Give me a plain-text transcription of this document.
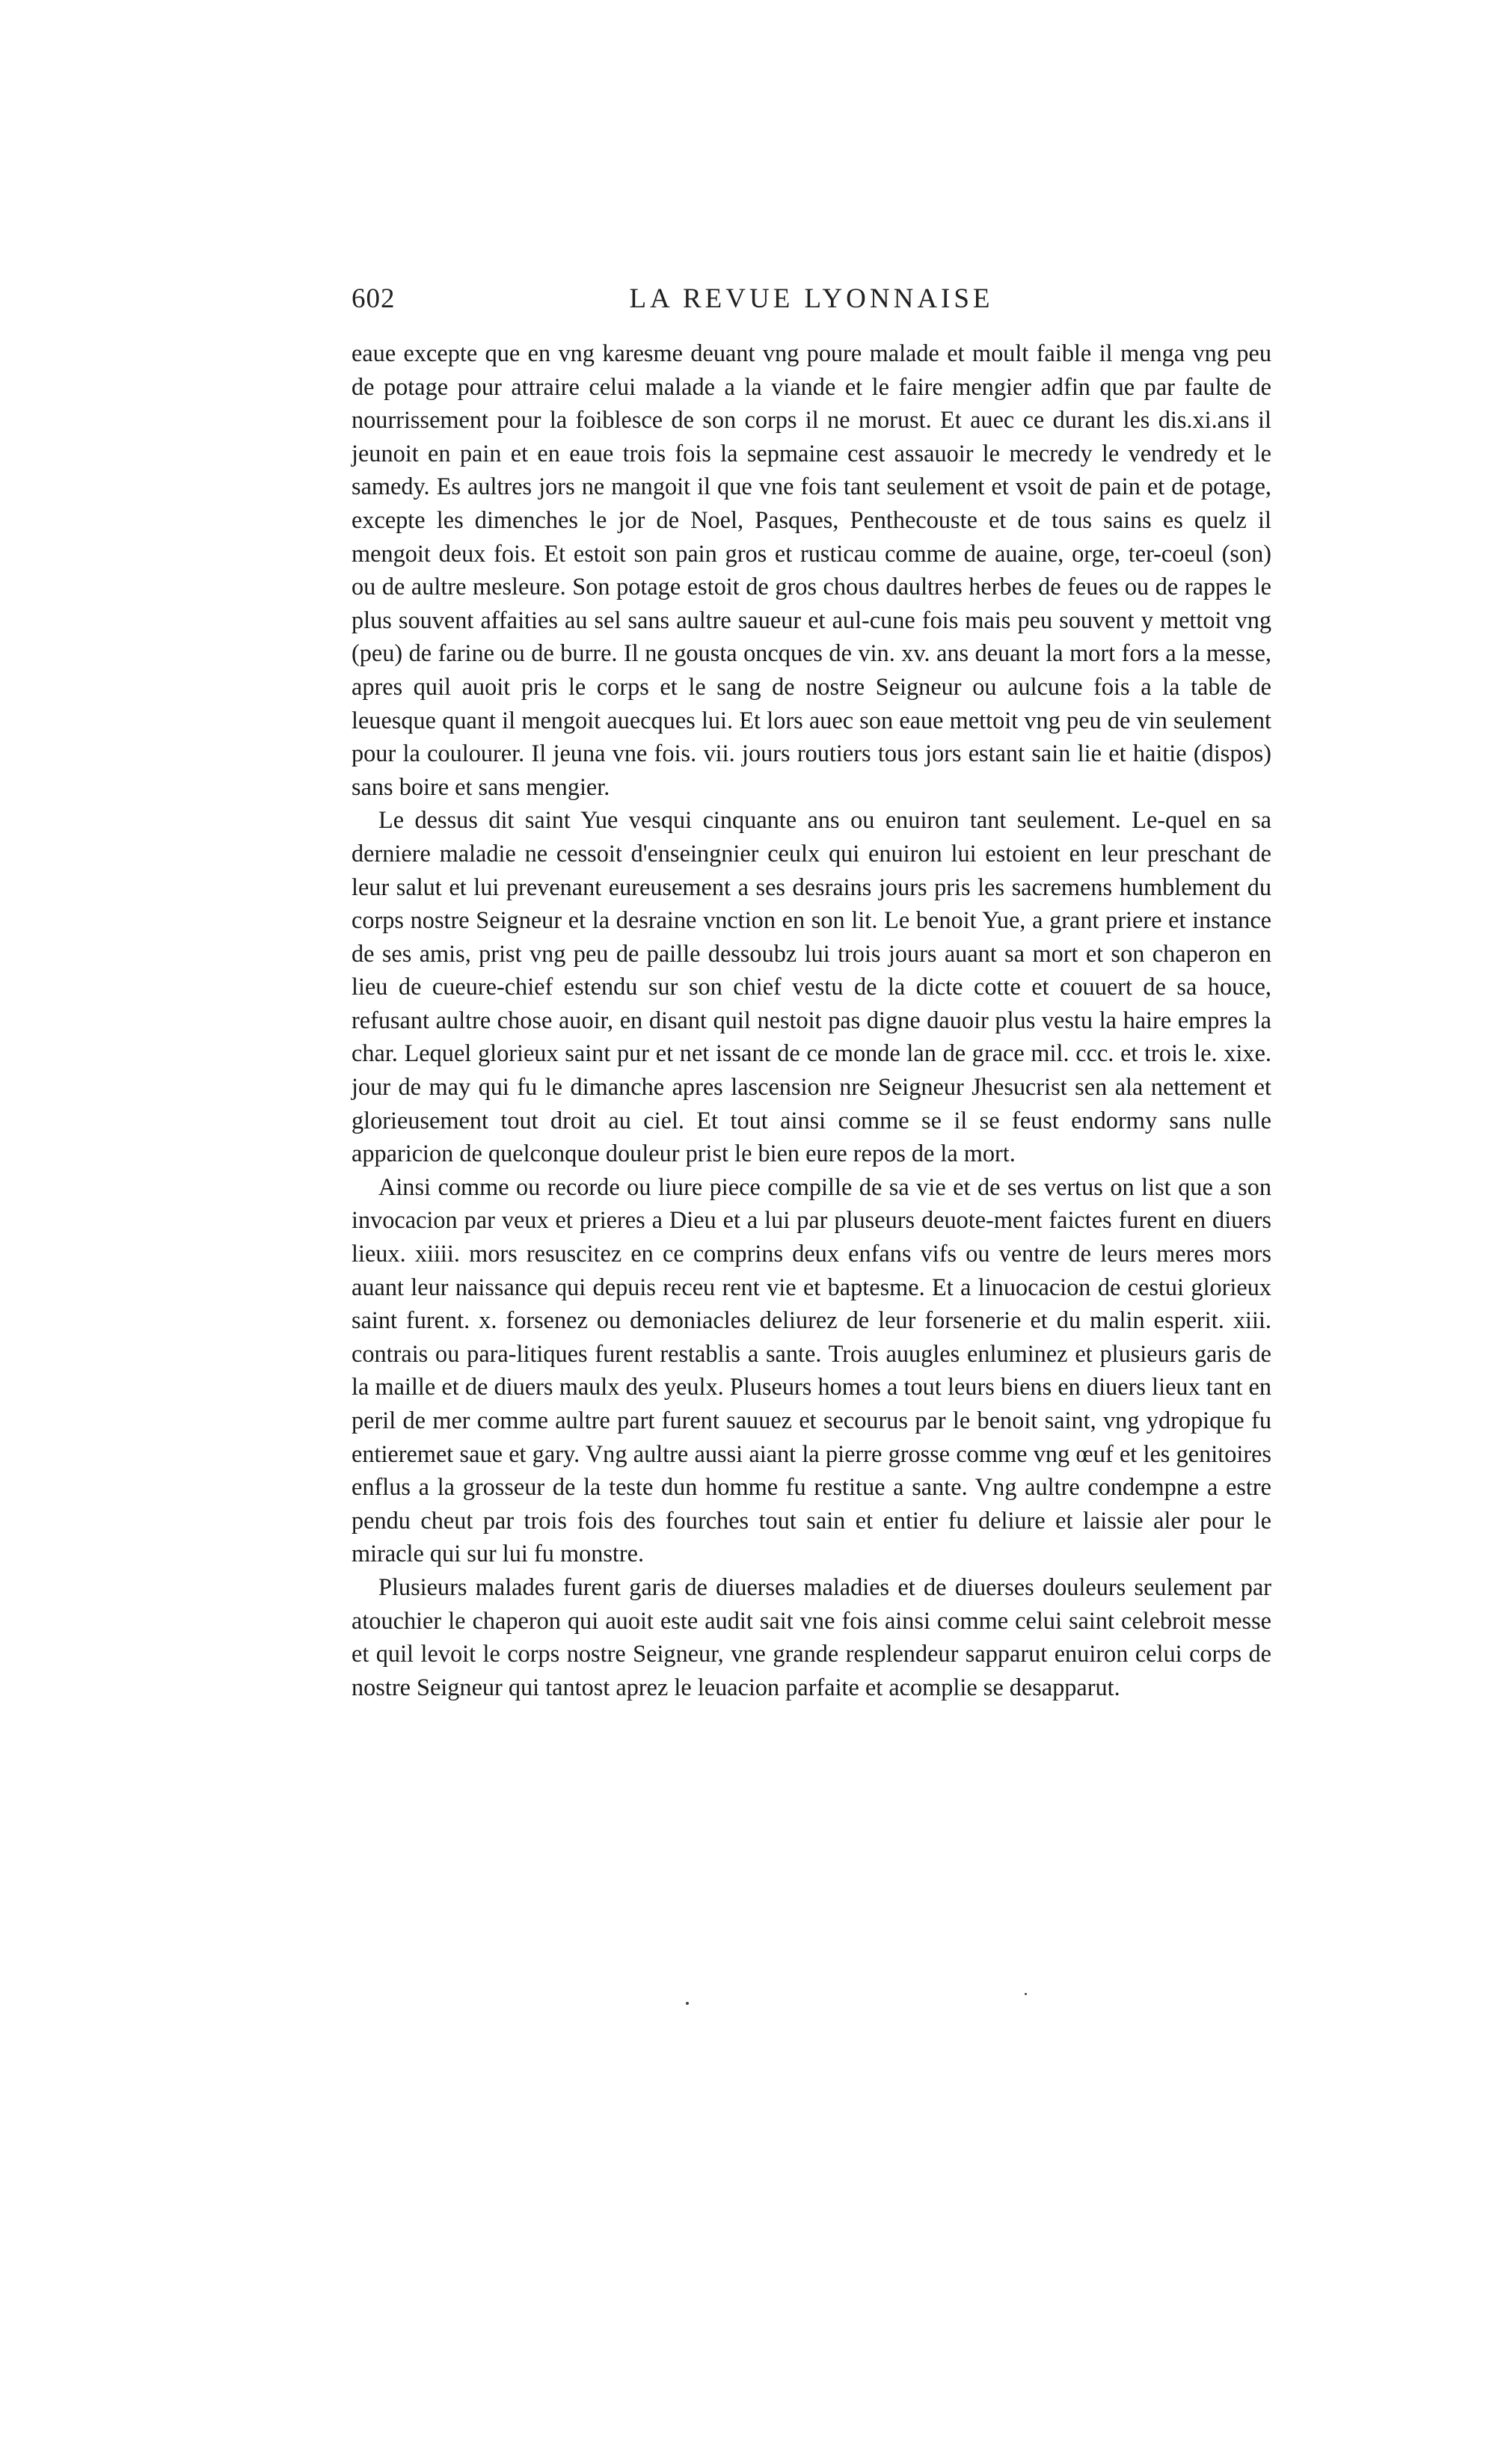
602	LA REVUE LYONNAISE

eaue excepte que en vng karesme deuant vng poure malade et moult faible il menga vng peu de potage pour attraire celui malade a la viande et le faire mengier adfin que par faulte de nourrissement pour la foiblesce de son corps il ne morust. Et auec ce durant les dis.xi.ans il jeunoit en pain et en eaue trois fois la sepmaine cest assauoir le mecredy le vendredy et le samedy. Es aultres jors ne mangoit il que vne fois tant seulement et vsoit de pain et de potage, excepte les dimenches le jor de Noel, Pasques, Penthecouste et de tous sains es quelz il mengoit deux fois. Et estoit son pain gros et rusticau comme de auaine, orge, ter-coeul (son) ou de aultre mesleure. Son potage estoit de gros chous daultres herbes de feues ou de rappes le plus souvent affaities au sel sans aultre saueur et aul-cune fois mais peu souvent y mettoit vng (peu) de farine ou de burre. Il ne gousta oncques de vin. xv. ans deuant la mort fors a la messe, apres quil auoit pris le corps et le sang de nostre Seigneur ou aulcune fois a la table de leuesque quant il mengoit auecques lui. Et lors auec son eaue mettoit vng peu de vin seulement pour la coulourer. Il jeuna vne fois. vii. jours routiers tous jors estant sain lie et haitie (dispos) sans boire et sans mengier.

Le dessus dit saint Yue vesqui cinquante ans ou enuiron tant seulement. Le-quel en sa derniere maladie ne cessoit d'enseingnier ceulx qui enuiron lui estoient en leur preschant de leur salut et lui prevenant eureusement a ses desrains jours pris les sacremens humblement du corps nostre Seigneur et la desraine vnction en son lit. Le benoit Yue, a grant priere et instance de ses amis, prist vng peu de paille dessoubz lui trois jours auant sa mort et son chaperon en lieu de cueure-chief estendu sur son chief vestu de la dicte cotte et couuert de sa houce, refusant aultre chose auoir, en disant quil nestoit pas digne dauoir plus vestu la haire empres la char. Lequel glorieux saint pur et net issant de ce monde lan de grace mil. ccc. et trois le. xixe. jour de may qui fu le dimanche apres lascension nre Seigneur Jhesucrist sen ala nettement et glorieusement tout droit au ciel. Et tout ainsi comme se il se feust endormy sans nulle apparicion de quelconque douleur prist le bien eure repos de la mort.

Ainsi comme ou recorde ou liure piece compille de sa vie et de ses vertus on list que a son invocacion par veux et prieres a Dieu et a lui par pluseurs deuote-ment faictes furent en diuers lieux. xiiii. mors resuscitez en ce comprins deux enfans vifs ou ventre de leurs meres mors auant leur naissance qui depuis receu rent vie et baptesme. Et a linuocacion de cestui glorieux saint furent. x. forsenez ou demoniacles deliurez de leur forsenerie et du malin esperit. xiii. contrais ou para-litiques furent restablis a sante. Trois auugles enluminez et plusieurs garis de la maille et de diuers maulx des yeulx. Pluseurs homes a tout leurs biens en diuers lieux tant en peril de mer comme aultre part furent sauuez et secourus par le benoit saint, vng ydropique fu entieremet saue et gary. Vng aultre aussi aiant la pierre grosse comme vng œuf et les genitoires enflus a la grosseur de la teste dun homme fu restitue a sante. Vng aultre condempne a estre pendu cheut par trois fois des fourches tout sain et entier fu deliure et laissie aler pour le miracle qui sur lui fu monstre.

Plusieurs malades furent garis de diuerses maladies et de diuerses douleurs seulement par atouchier le chaperon qui auoit este audit sait vne fois ainsi comme celui saint celebroit messe et quil levoit le corps nostre Seigneur, vne grande resplendeur sapparut enuiron celui corps de nostre Seigneur qui tantost aprez le leuacion parfaite et acomplie se desapparut.
